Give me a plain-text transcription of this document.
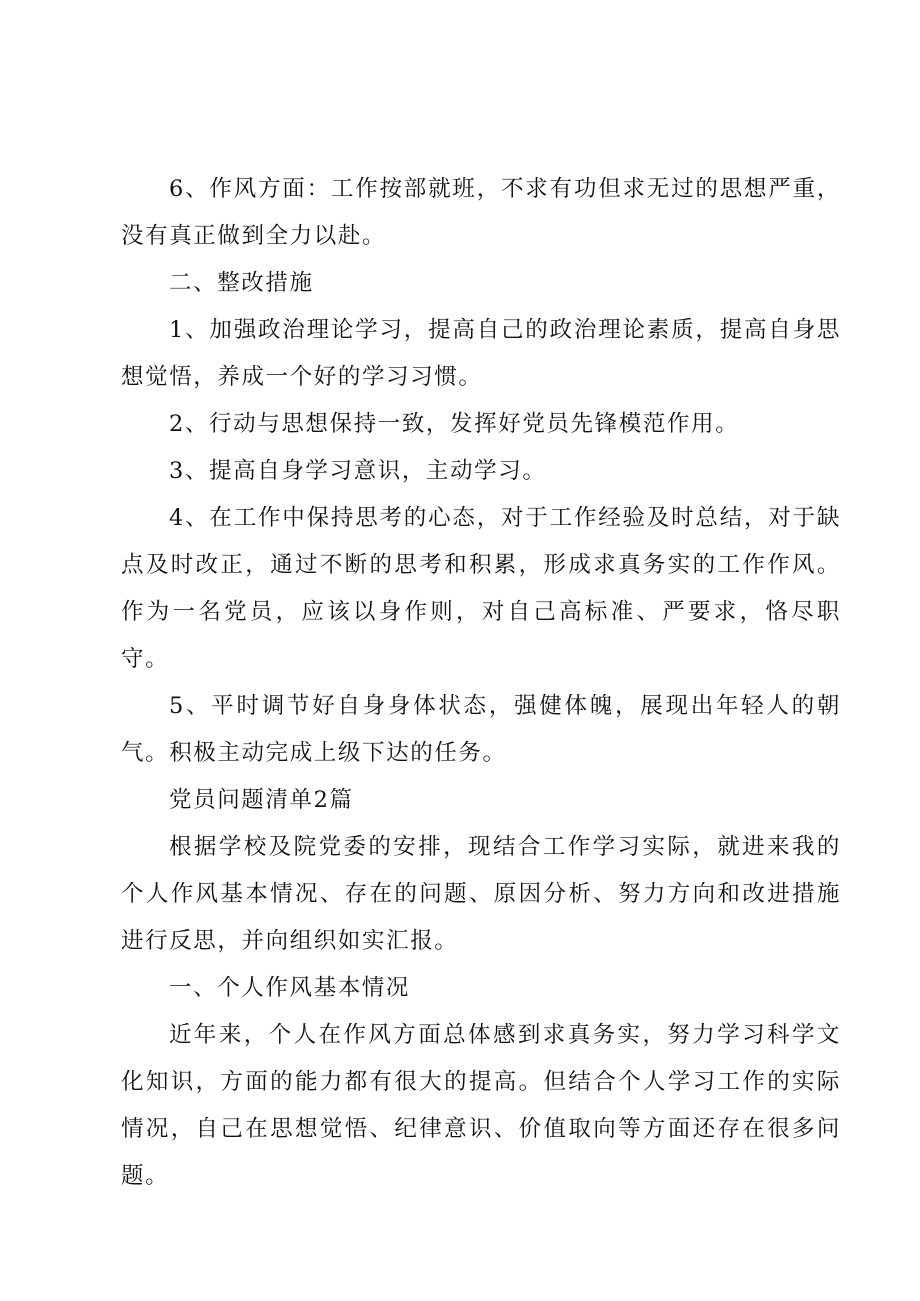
6、作风方面：工作按部就班，不求有功但求无过的思想严重，没有真正做到全力以赴。

二、整改措施

1、加强政治理论学习，提高自己的政治理论素质，提高自身思想觉悟，养成一个好的学习习惯。

2、行动与思想保持一致，发挥好党员先锋模范作用。

3、提高自身学习意识，主动学习。

4、在工作中保持思考的心态，对于工作经验及时总结，对于缺点及时改正，通过不断的思考和积累，形成求真务实的工作作风。作为一名党员，应该以身作则，对自己高标准、严要求，恪尽职守。

5、平时调节好自身身体状态，强健体魄，展现出年轻人的朝气。积极主动完成上级下达的任务。

党员问题清单2篇

根据学校及院党委的安排，现结合工作学习实际，就进来我的个人作风基本情况、存在的问题、原因分析、努力方向和改进措施进行反思，并向组织如实汇报。

一、个人作风基本情况

近年来，个人在作风方面总体感到求真务实，努力学习科学文化知识，方面的能力都有很大的提高。但结合个人学习工作的实际情况，自己在思想觉悟、纪律意识、价值取向等方面还存在很多问题。
